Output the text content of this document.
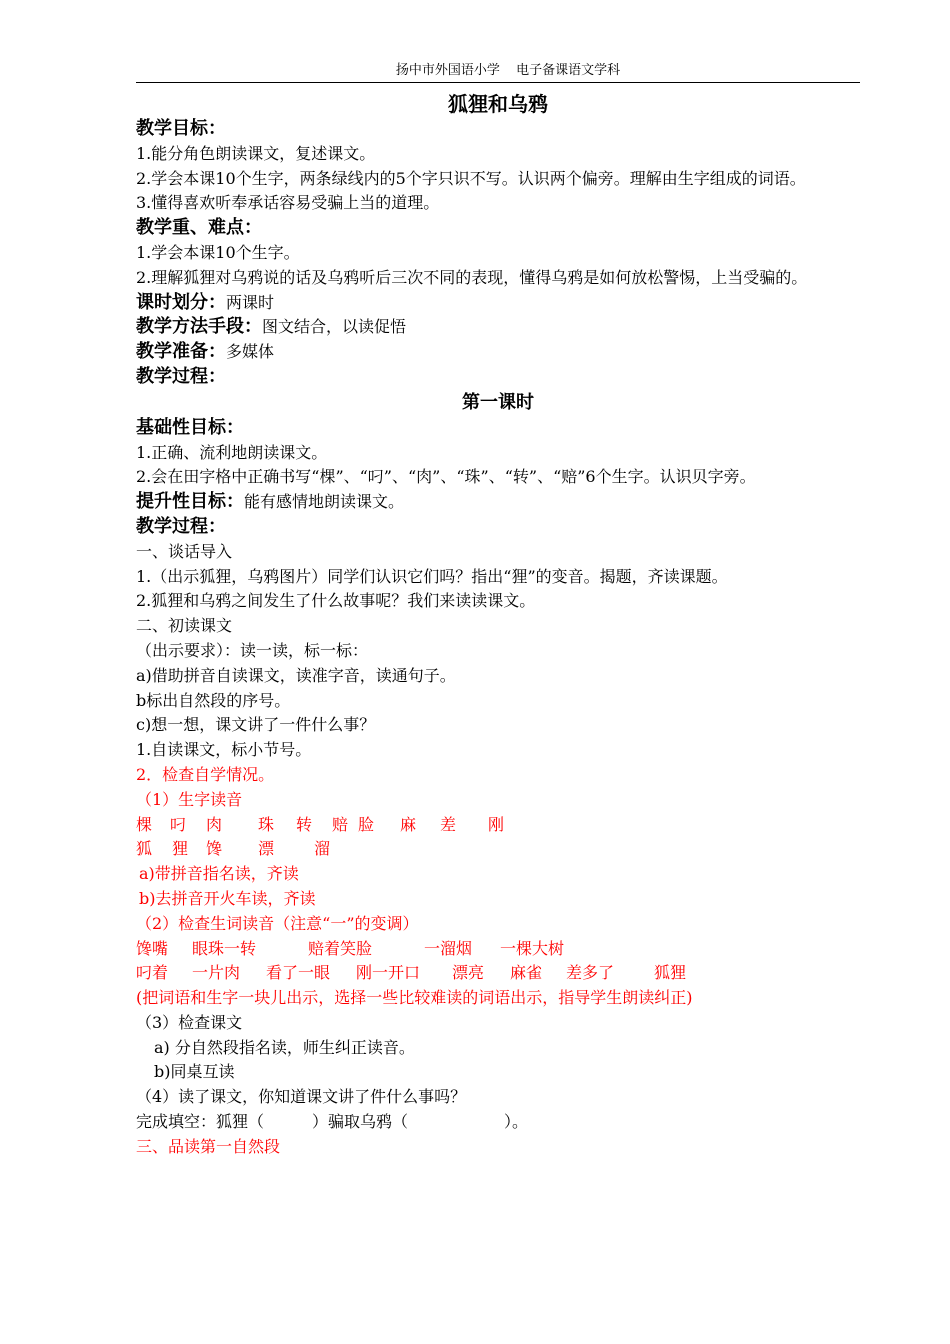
扬中市外国语小学 电子备课语文学科
狐狸和乌鸦
教学目标：
1.能分角色朗读课文，复述课文。
2.学会本课10个生字，两条绿线内的5个字只识不写。认识两个偏旁。理解由生字组成的词语。
3.懂得喜欢听奉承话容易受骗上当的道理。
教学重、难点：
1.学会本课10个生字。
2.理解狐狸对乌鸦说的话及乌鸦听后三次不同的表现，懂得乌鸦是如何放松警惕，上当受骗的。
课时划分：两课时
教学方法手段：图文结合，以读促悟
教学准备：多媒体
教学过程：
第一课时
基础性目标：
1.正确、流利地朗读课文。
2.会在田字格中正确书写“棵”、“叼”、“肉”、“珠”、“转”、“赔”6个生字。认识贝字旁。
提升性目标：能有感情地朗读课文。
教学过程：
一、谈话导入
1.（出示狐狸，乌鸦图片）同学们认识它们吗？指出“狸”的变音。揭题，齐读课题。
2.狐狸和乌鸦之间发生了什么故事呢？我们来读读课文。
二、初读课文
（出示要求）：读一读，标一标：
a)借助拼音自读课文，读准字音，读通句子。
b标出自然段的序号。
c)想一想，课文讲了一件什么事？
1.自读课文，标小节号。
2．检查自学情况。
（1）生字读音
棵 叼 肉 珠 转 赔 脸 麻 差 刚
狐 狸 馋 漂 溜
a)带拼音指名读，齐读
b)去拼音开火车读，齐读
（2）检查生词读音（注意“一”的变调）
馋嘴 眼珠一转	赔着笑脸	一溜烟 一棵大树
叼着 一片肉 看了一眼 刚一开口 漂亮 麻雀 差多了 狐狸
(把词语和生字一块儿出示，选择一些比较难读的词语出示，指导学生朗读纠正)
（3）检查课文
a) 分自然段指名读，师生纠正读音。
b)同桌互读
（4）读了课文，你知道课文讲了件什么事吗？
完成填空：狐狸（　　　）骗取乌鸦（　　　　　　）。
三、品读第一自然段
